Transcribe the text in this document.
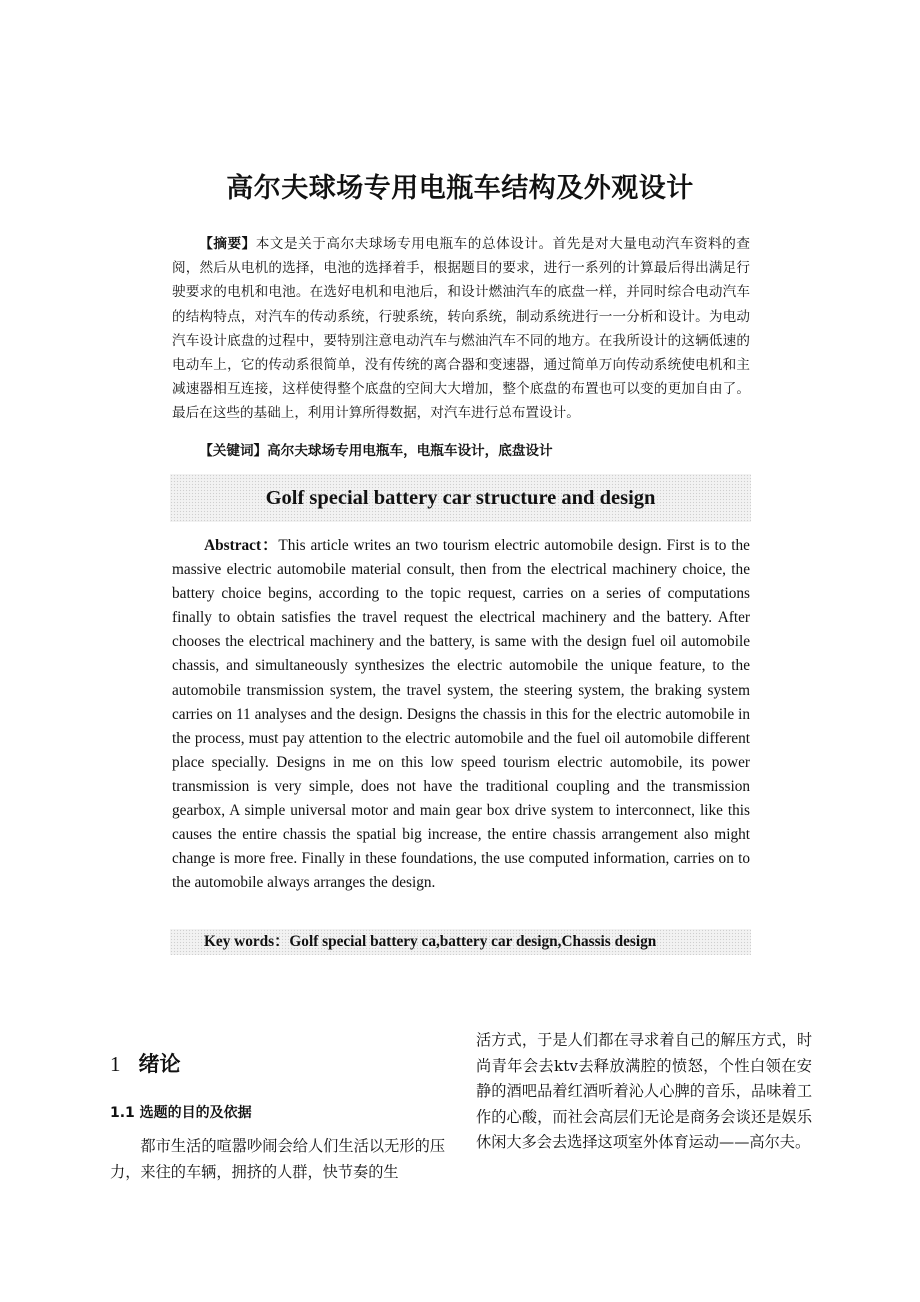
高尔夫球场专用电瓶车结构及外观设计

【摘要】本文是关于高尔夫球场专用电瓶车的总体设计。首先是对大量电动汽车资料的查阅，然后从电机的选择，电池的选择着手，根据题目的要求，进行一系列的计算最后得出满足行驶要求的电机和电池。在选好电机和电池后，和设计燃油汽车的底盘一样，并同时综合电动汽车的结构特点，对汽车的传动系统，行驶系统，转向系统，制动系统进行一一分析和设计。为电动汽车设计底盘的过程中，要特别注意电动汽车与燃油汽车不同的地方。在我所设计的这辆低速的电动车上，它的传动系很简单，没有传统的离合器和变速器，通过简单万向传动系统使电机和主减速器相互连接，这样使得整个底盘的空间大大增加，整个底盘的布置也可以变的更加自由了。最后在这些的基础上，利用计算所得数据，对汽车进行总布置设计。

【关键词】高尔夫球场专用电瓶车，电瓶车设计，底盘设计

Golf special battery car structure and design

Abstract：This article writes an two tourism electric automobile design. First is to the massive electric automobile material consult, then from the electrical machinery choice, the battery choice begins, according to the topic request, carries on a series of computations finally to obtain satisfies the travel request the electrical machinery and the battery. After chooses the electrical machinery and the battery, is same with the design fuel oil automobile chassis, and simultaneously synthesizes the electric automobile the unique feature, to the automobile transmission system, the travel system, the steering system, the braking system carries on 11 analyses and the design. Designs the chassis in this for the electric automobile in the process, must pay attention to the electric automobile and the fuel oil automobile different place specially. Designs in me on this low speed tourism electric automobile, its power transmission is very simple, does not have the traditional coupling and the transmission gearbox, A simple universal motor and main gear box drive system to interconnect, like this causes the entire chassis the spatial big increase, the entire chassis arrangement also might change is more free. Finally in these foundations, the use computed information, carries on to the automobile always arranges the design.

Key words：Golf special battery ca,battery car design,Chassis design

1 绪论
1.1 选题的目的及依据

都市生活的喧嚣吵闹会给人们生活以无形的压力，来往的车辆，拥挤的人群，快节奏的生

活方式，于是人们都在寻求着自己的解压方式，时尚青年会去ktv去释放满腔的愤怒，个性白领在安静的酒吧品着红酒听着沁人心脾的音乐，品味着工作的心酸，而社会高层们无论是商务会谈还是娱乐休闲大多会去选择这项室外体育运动——高尔夫。
